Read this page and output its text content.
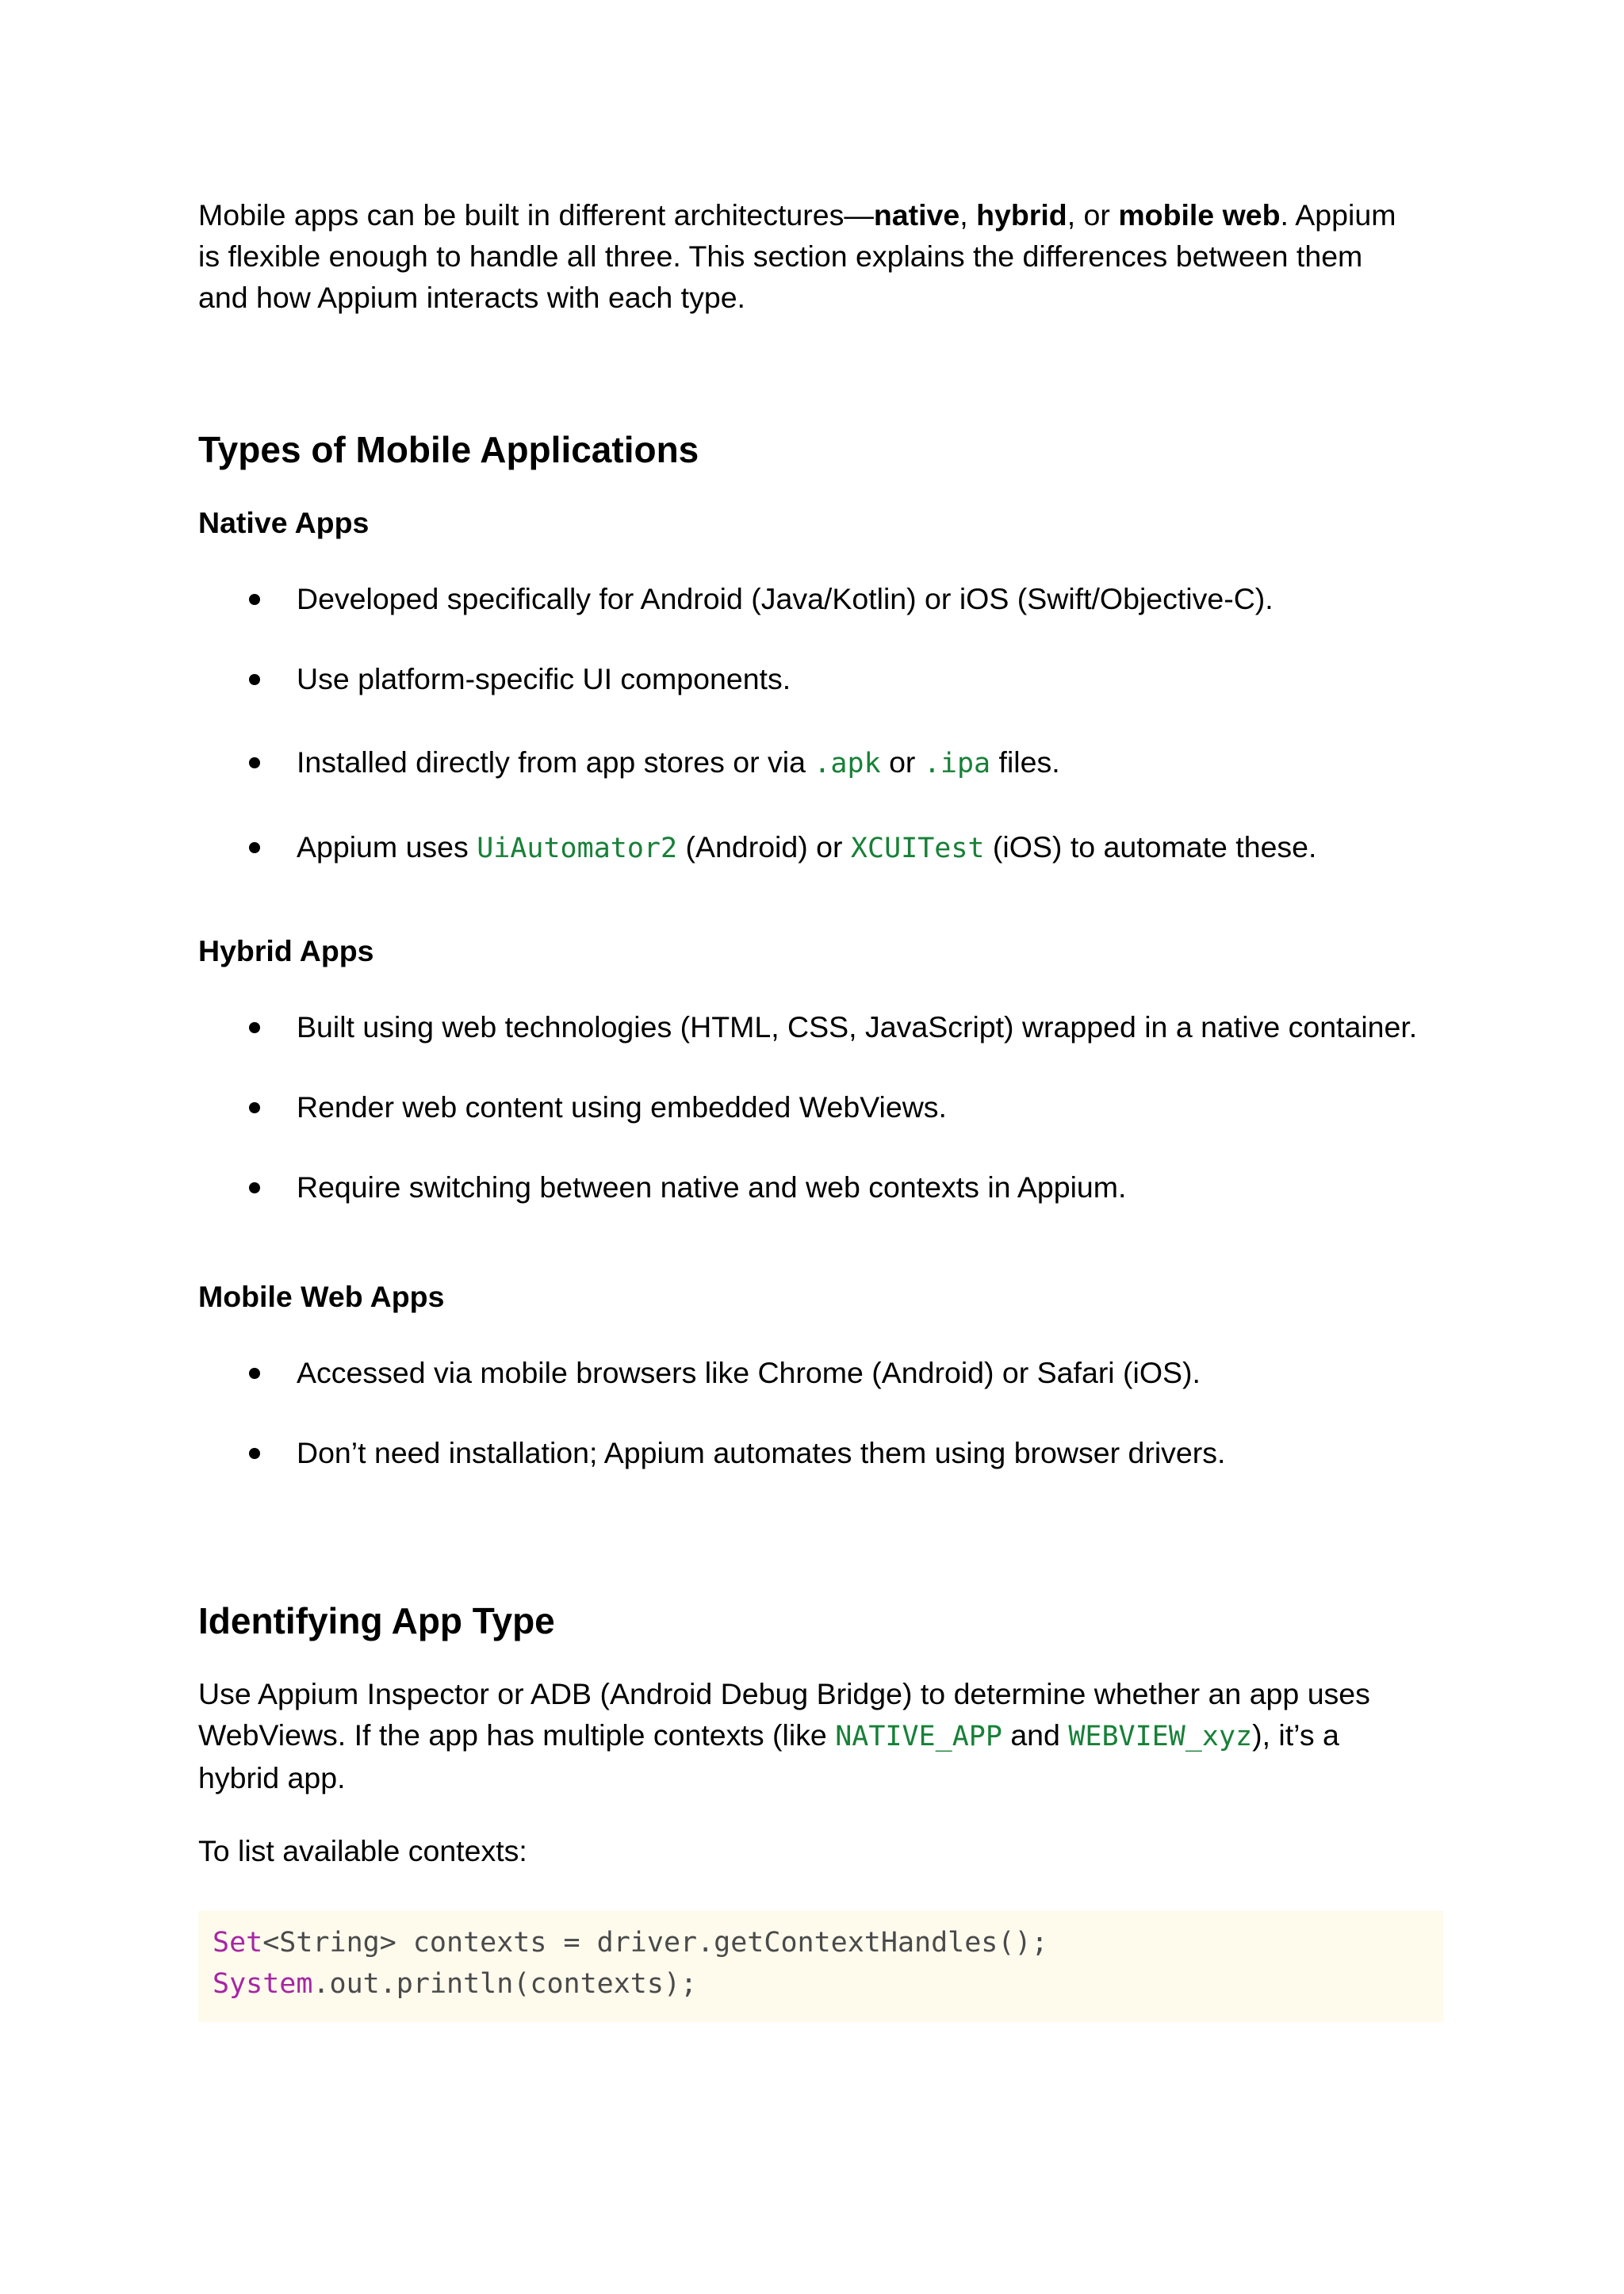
Mobile apps can be built in different architectures—native, hybrid, or mobile web. Appium
is flexible enough to handle all three. This section explains the differences between them
and how Appium interacts with each type.

Types of Mobile Applications
Native Apps
Developed specifically for Android (Java/Kotlin) or iOS (Swift/Objective-C).
Use platform-specific UI components.
Installed directly from app stores or via .apk or .ipa files.
Appium uses UiAutomator2 (Android) or XCUITest (iOS) to automate these.
Hybrid Apps
Built using web technologies (HTML, CSS, JavaScript) wrapped in a native container.
Render web content using embedded WebViews.
Require switching between native and web contexts in Appium.
Mobile Web Apps
Accessed via mobile browsers like Chrome (Android) or Safari (iOS).
Don’t need installation; Appium automates them using browser drivers.
Identifying App Type

Use Appium Inspector or ADB (Android Debug Bridge) to determine whether an app uses
WebViews. If the app has multiple contexts (like NATIVE_APP and WEBVIEW_xyz), it’s a
hybrid app.

To list available contexts:

Set<String> contexts = driver.getContextHandles();
System.out.println(contexts);
